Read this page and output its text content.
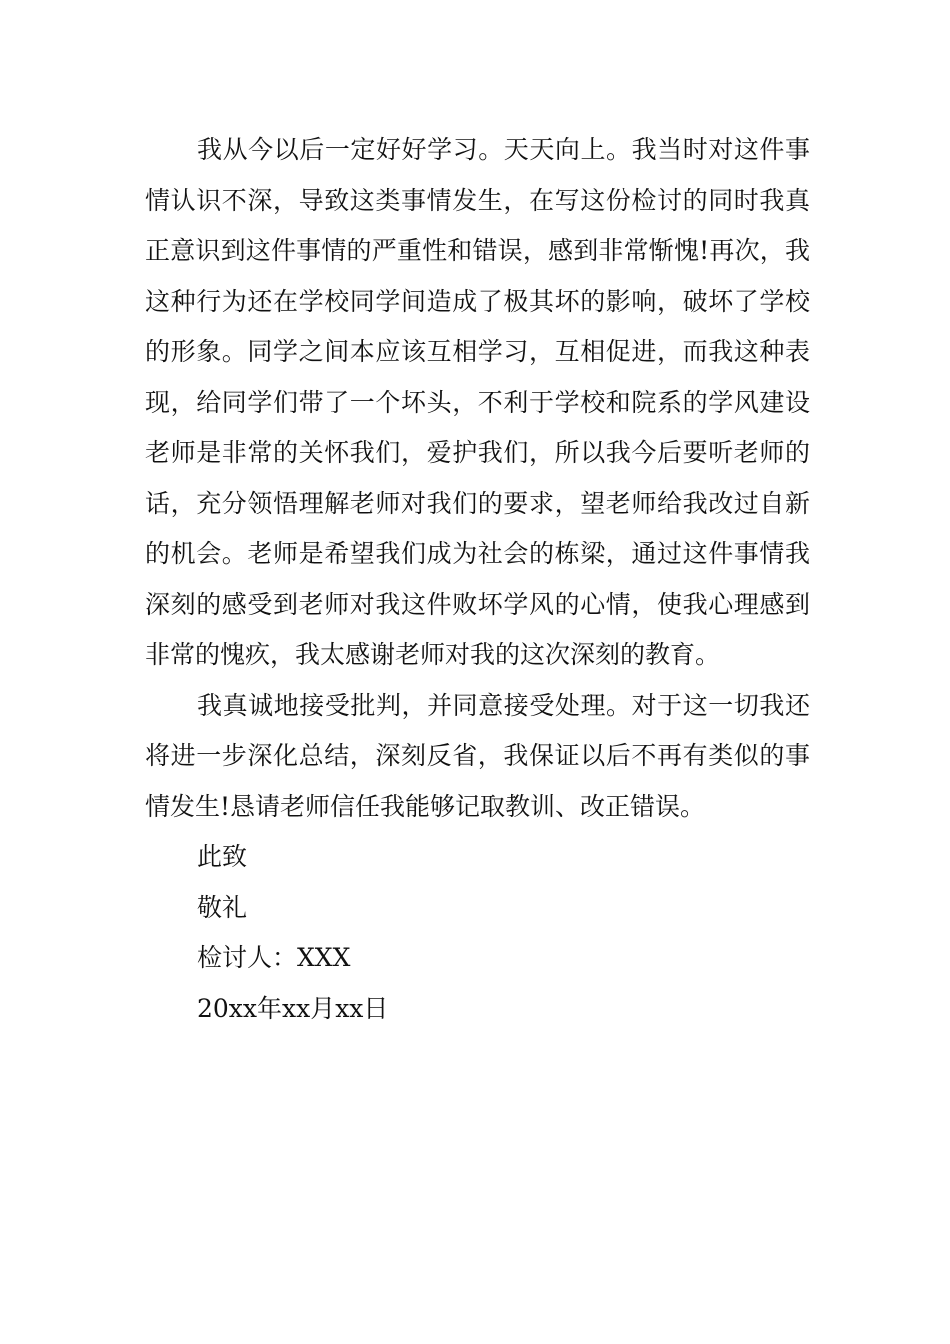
我从今以后一定好好学习。天天向上。我当时对这件事情认识不深，导致这类事情发生，在写这份检讨的同时我真正意识到这件事情的严重性和错误，感到非常惭愧!再次，我这种行为还在学校同学间造成了极其坏的影响，破坏了学校的形象。同学之间本应该互相学习，互相促进，而我这种表现，给同学们带了一个坏头，不利于学校和院系的学风建设 老师是非常的关怀我们，爱护我们，所以我今后要听老师的话，充分领悟理解老师对我们的要求，望老师给我改过自新的机会。老师是希望我们成为社会的栋梁，通过这件事情我深刻的感受到老师对我这件败坏学风的心情，使我心理感到非常的愧疚，我太感谢老师对我的这次深刻的教育。

我真诚地接受批判，并同意接受处理。对于这一切我还将进一步深化总结，深刻反省，我保证以后不再有类似的事情发生!恳请老师信任我能够记取教训、改正错误。

此致

敬礼

检讨人：XXX

20xx年xx月xx日
